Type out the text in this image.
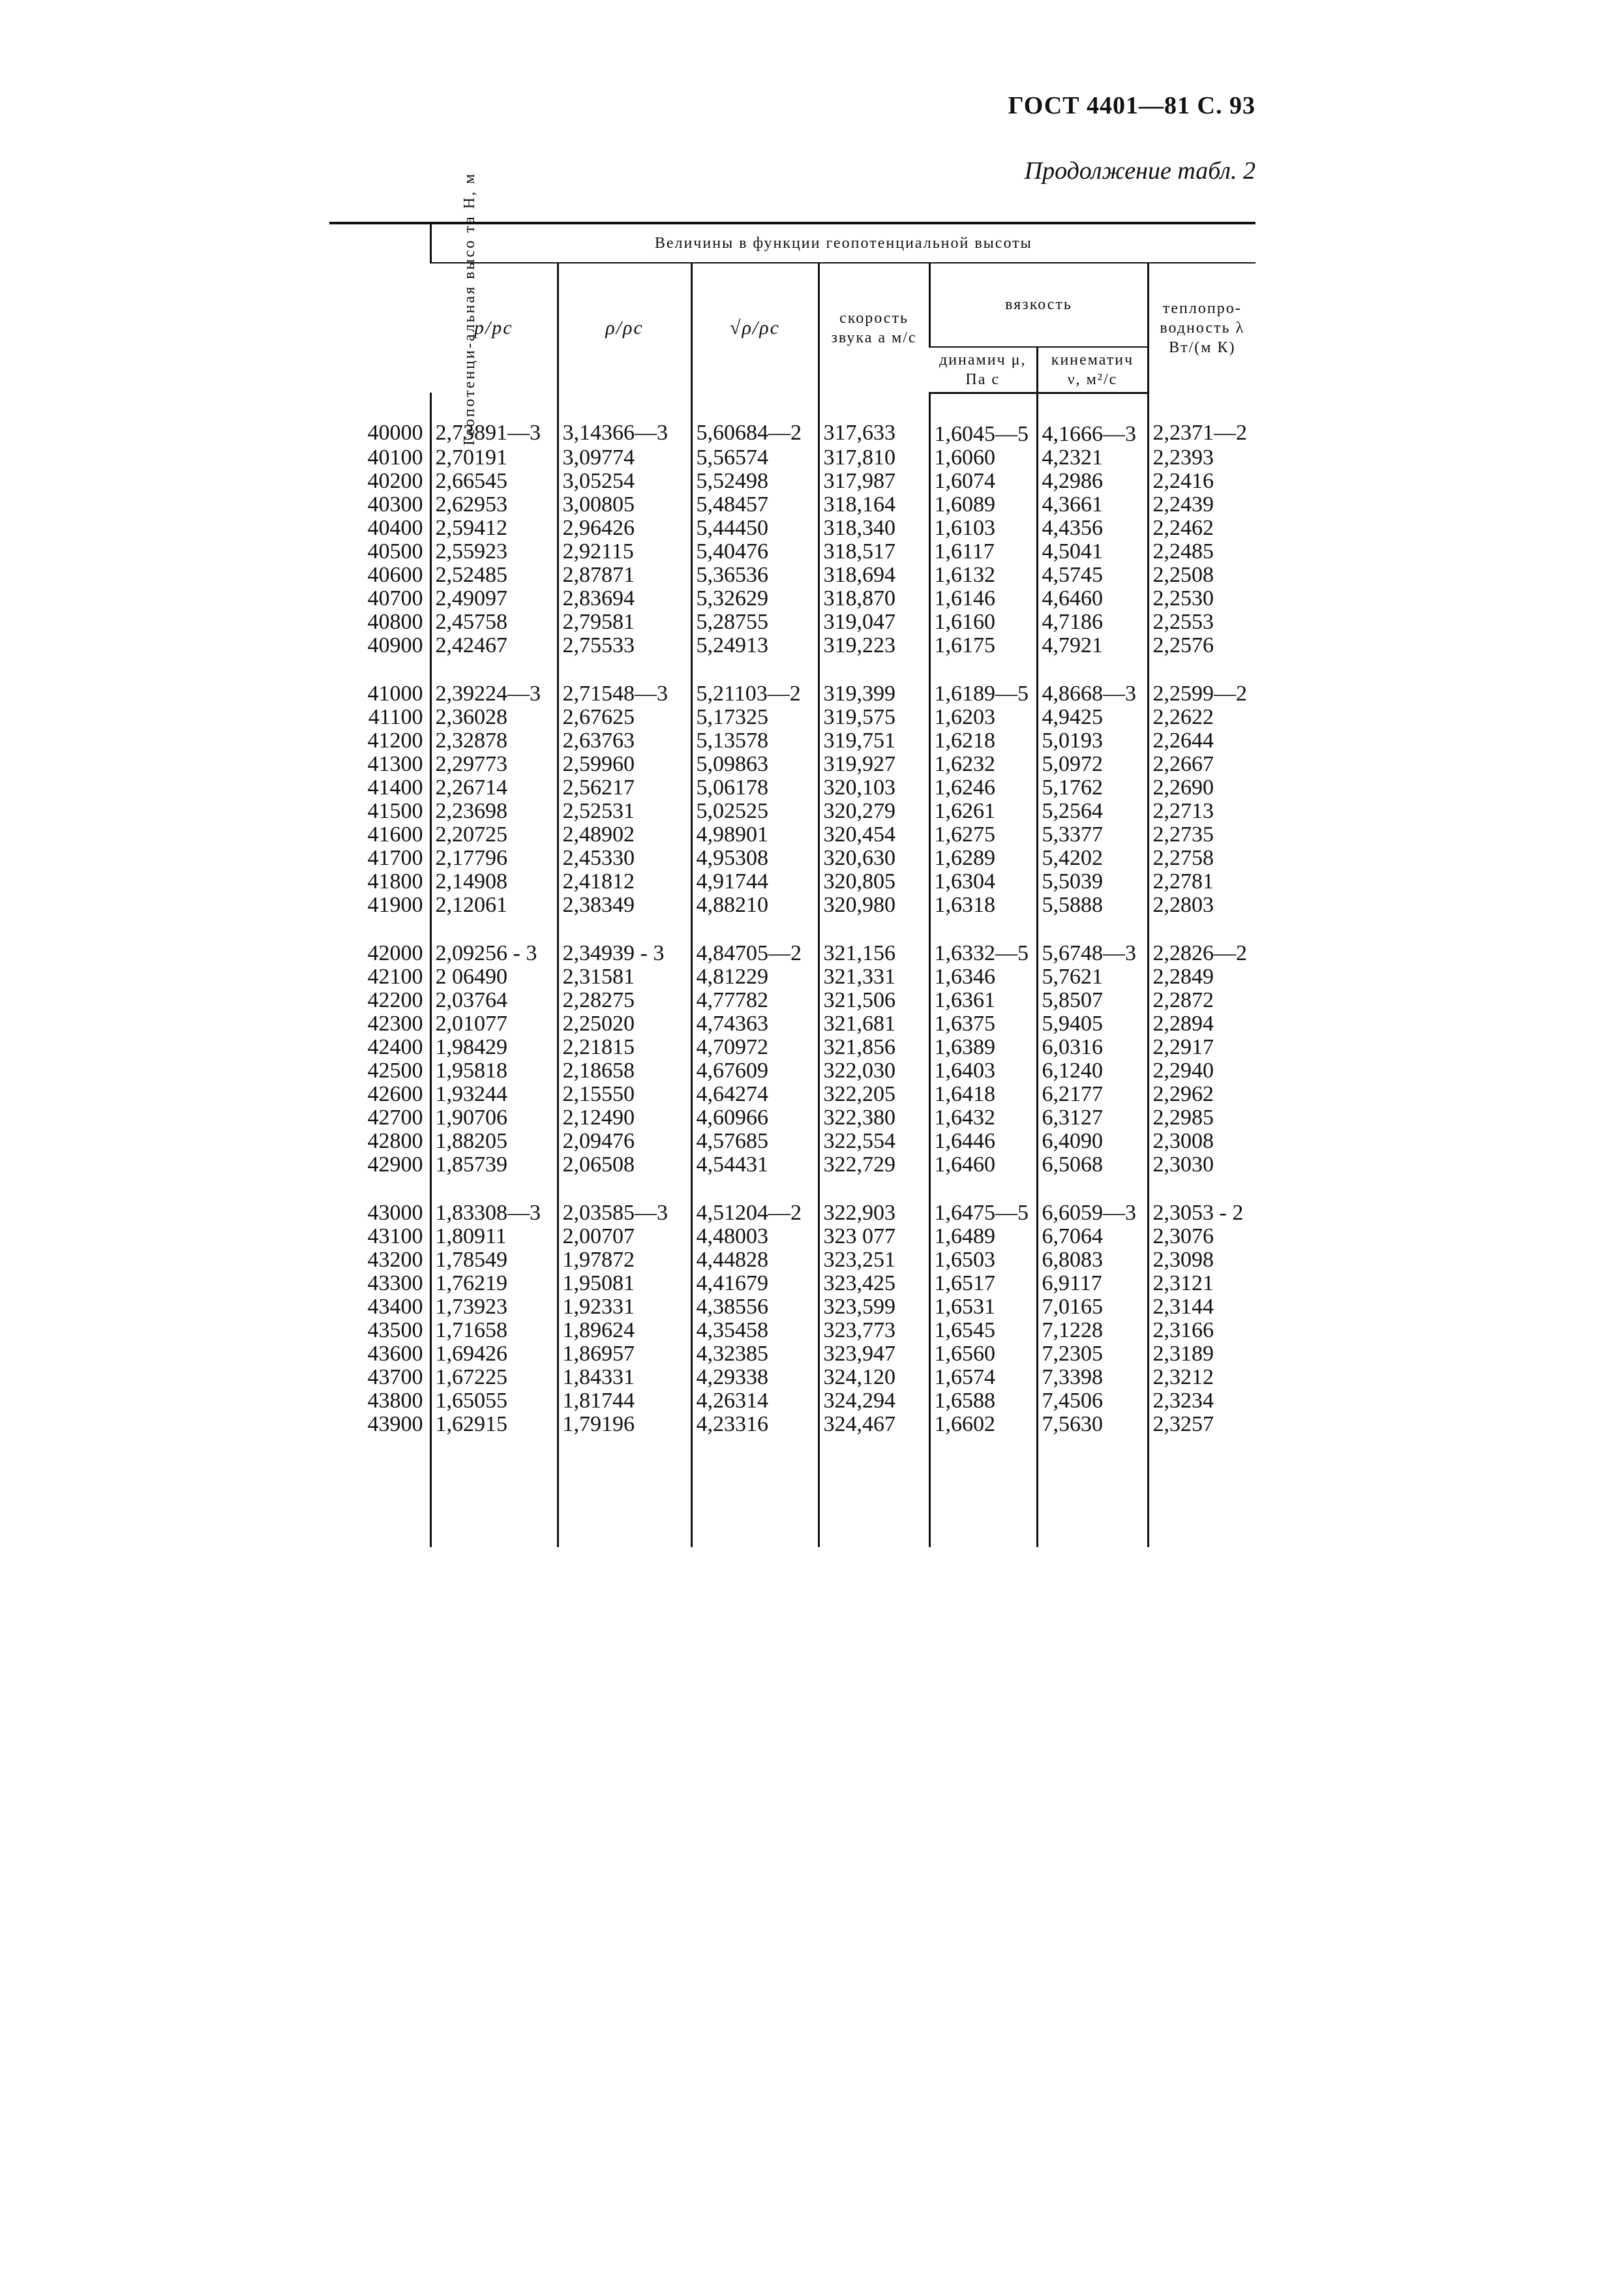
ГОСТ 4401—81 С. 93
Продолжение табл. 2
Геопотенци-альная высо та H, м	Величины в функции геопотенциальной высоты						
	p/pc	ρ/ρc	√ρ/ρc	скорость звука a м/с	вязкость		теплопро-водность λ Вт/(м К)
					динамич μ, Па с	кинематич ν, м²/с	
40000	2,73891—3	3,14366—3	5,60684—2	317,633	1,6045—5	4,1666—3	2,2371—2
40100	2,70191	3,09774	5,56574	317,810	1,6060	4,2321	2,2393
40200	2,66545	3,05254	5,52498	317,987	1,6074	4,2986	2,2416
40300	2,62953	3,00805	5,48457	318,164	1,6089	4,3661	2,2439
40400	2,59412	2,96426	5,44450	318,340	1,6103	4,4356	2,2462
40500	2,55923	2,92115	5,40476	318,517	1,6117	4,5041	2,2485
40600	2,52485	2,87871	5,36536	318,694	1,6132	4,5745	2,2508
40700	2,49097	2,83694	5,32629	318,870	1,6146	4,6460	2,2530
40800	2,45758	2,79581	5,28755	319,047	1,6160	4,7186	2,2553
40900	2,42467	2,75533	5,24913	319,223	1,6175	4,7921	2,2576

41000	2,39224—3	2,71548—3	5,21103—2	319,399	1,6189—5	4,8668—3	2,2599—2
41100	2,36028	2,67625	5,17325	319,575	1,6203	4,9425	2,2622
41200	2,32878	2,63763	5,13578	319,751	1,6218	5,0193	2,2644
41300	2,29773	2,59960	5,09863	319,927	1,6232	5,0972	2,2667
41400	2,26714	2,56217	5,06178	320,103	1,6246	5,1762	2,2690
41500	2,23698	2,52531	5,02525	320,279	1,6261	5,2564	2,2713
41600	2,20725	2,48902	4,98901	320,454	1,6275	5,3377	2,2735
41700	2,17796	2,45330	4,95308	320,630	1,6289	5,4202	2,2758
41800	2,14908	2,41812	4,91744	320,805	1,6304	5,5039	2,2781
41900	2,12061	2,38349	4,88210	320,980	1,6318	5,5888	2,2803

42000	2,09256 - 3	2,34939 - 3	4,84705—2	321,156	1,6332—5	5,6748—3	2,2826—2
42100	2 06490	2,31581	4,81229	321,331	1,6346	5,7621	2,2849
42200	2,03764	2,28275	4,77782	321,506	1,6361	5,8507	2,2872
42300	2,01077	2,25020	4,74363	321,681	1,6375	5,9405	2,2894
42400	1,98429	2,21815	4,70972	321,856	1,6389	6,0316	2,2917
42500	1,95818	2,18658	4,67609	322,030	1,6403	6,1240	2,2940
42600	1,93244	2,15550	4,64274	322,205	1,6418	6,2177	2,2962
42700	1,90706	2,12490	4,60966	322,380	1,6432	6,3127	2,2985
42800	1,88205	2,09476	4,57685	322,554	1,6446	6,4090	2,3008
42900	1,85739	2,06508	4,54431	322,729	1,6460	6,5068	2,3030

43000	1,83308—3	2,03585—3	4,51204—2	322,903	1,6475—5	6,6059—3	2,3053 - 2
43100	1,80911	2,00707	4,48003	323 077	1,6489	6,7064	2,3076
43200	1,78549	1,97872	4,44828	323,251	1,6503	6,8083	2,3098
43300	1,76219	1,95081	4,41679	323,425	1,6517	6,9117	2,3121
43400	1,73923	1,92331	4,38556	323,599	1,6531	7,0165	2,3144
43500	1,71658	1,89624	4,35458	323,773	1,6545	7,1228	2,3166
43600	1,69426	1,86957	4,32385	323,947	1,6560	7,2305	2,3189
43700	1,67225	1,84331	4,29338	324,120	1,6574	7,3398	2,3212
43800	1,65055	1,81744	4,26314	324,294	1,6588	7,4506	2,3234
43900	1,62915	1,79196	4,23316	324,467	1,6602	7,5630	2,3257
